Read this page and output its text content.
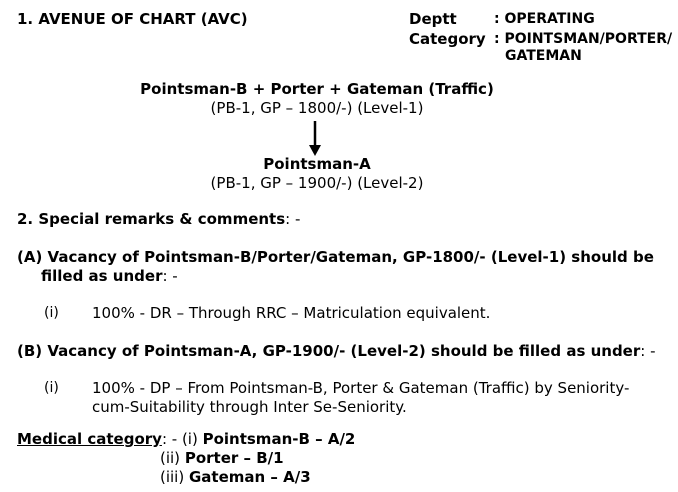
1. AVENUE OF CHART (AVC)	Deptt	: OPERATING
Category : POINTSMAN/PORTER/
GATEMAN
Pointsman-B + Porter + Gateman (Traffic)
(PB-1, GP – 1800/-) (Level-1)
Pointsman-A
(PB-1, GP – 1900/-) (Level-2)
2. Special remarks & comments: -
(A) Vacancy of Pointsman-B/Porter/Gateman, GP-1800/- (Level-1) should be
filled as under: -
(i) 100% - DR – Through RRC – Matriculation equivalent.
(B) Vacancy of Pointsman-A, GP-1900/- (Level-2) should be filled as under: -
(i) 100% - DP – From Pointsman-B, Porter & Gateman (Traffic) by Seniority-
cum-Suitability through Inter Se-Seniority.
Medical category: - (i) Pointsman-B – A/2
(ii) Porter – B/1
(iii) Gateman – A/3
